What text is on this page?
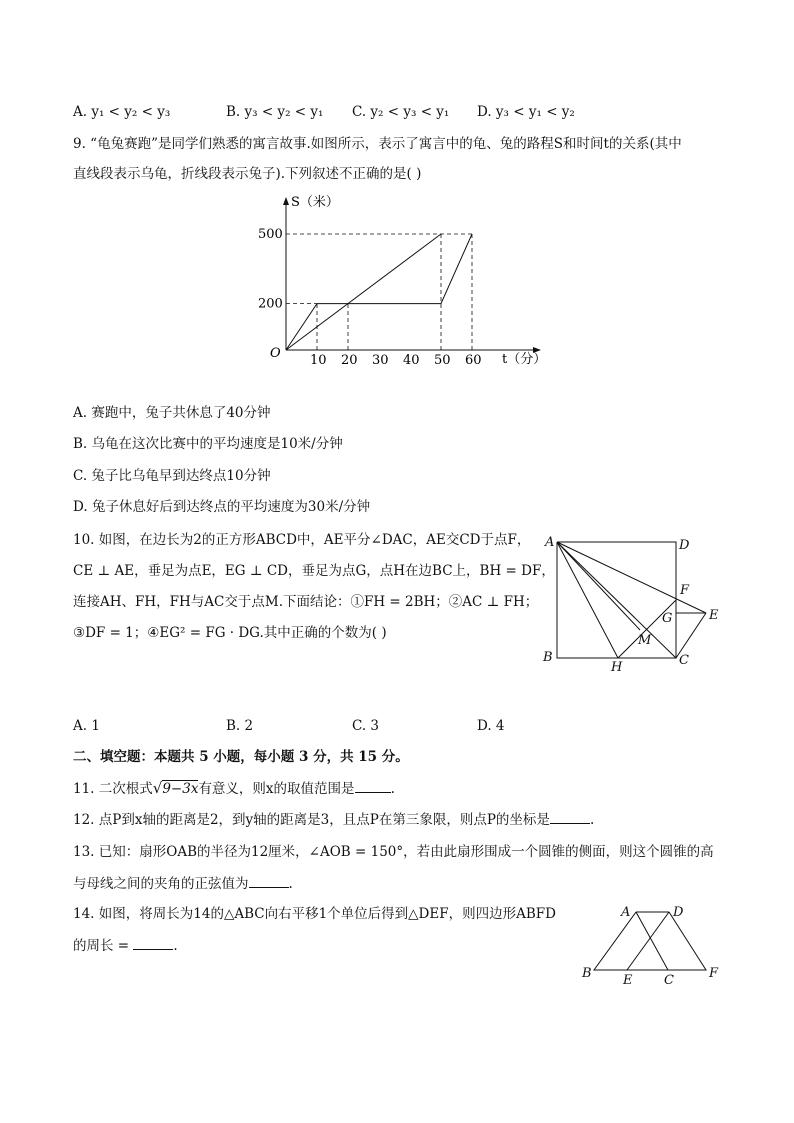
A. y₁ < y₂ < y₃	B. y₃ < y₂ < y₁ C. y₂ < y₃ < y₁ D. y₃ < y₁ < y₂
9. “龟兔赛跑”是同学们熟悉的寓言故事.如图所示，表示了寓言中的龟、兔的路程S和时间t的关系(其中
直线段表示乌龟，折线段表示兔子).下列叙述不正确的是( )
200
500
10 20 30 40 50 60
S（米）
t（分）
O
A. 赛跑中，兔子共休息了40分钟
B. 乌龟在这次比赛中的平均速度是10米/分钟
C. 兔子比乌龟早到达终点10分钟
D. 兔子休息好后到达终点的平均速度为30米/分钟
10. 如图，在边长为2的正方形ABCD中，AE平分∠DAC，AE交CD于点F，
CE ⊥ AE，垂足为点E，EG ⊥ CD，垂足为点G，点H在边BC上，BH = DF，
连接AH、FH，FH与AC交于点M.下面结论：①FH = 2BH；②AC ⊥ FH；
③DF = 1；④EG² = FG · DG.其中正确的个数为( )
A	D
B	C
F
E
G
H
M
A. 1	B. 2	C. 3	D. 4
二、填空题：本题共 5 小题，每小题 3 分，共 15 分。
11. 二次根式√9−3x有意义，则x的取值范围是	.
12. 点P到x轴的距离是2，到y轴的距离是3，且点P在第三象限，则点P的坐标是	.
13. 已知：扇形OAB的半径为12厘米，∠AOB = 150°，若由此扇形围成一个圆锥的侧面，则这个圆锥的高
与母线之间的夹角的正弦值为	.
14. 如图，将周长为14的△ABC向右平移1个单位后得到△DEF，则四边形ABFD
的周长 =	.
A	D
B E C	F
